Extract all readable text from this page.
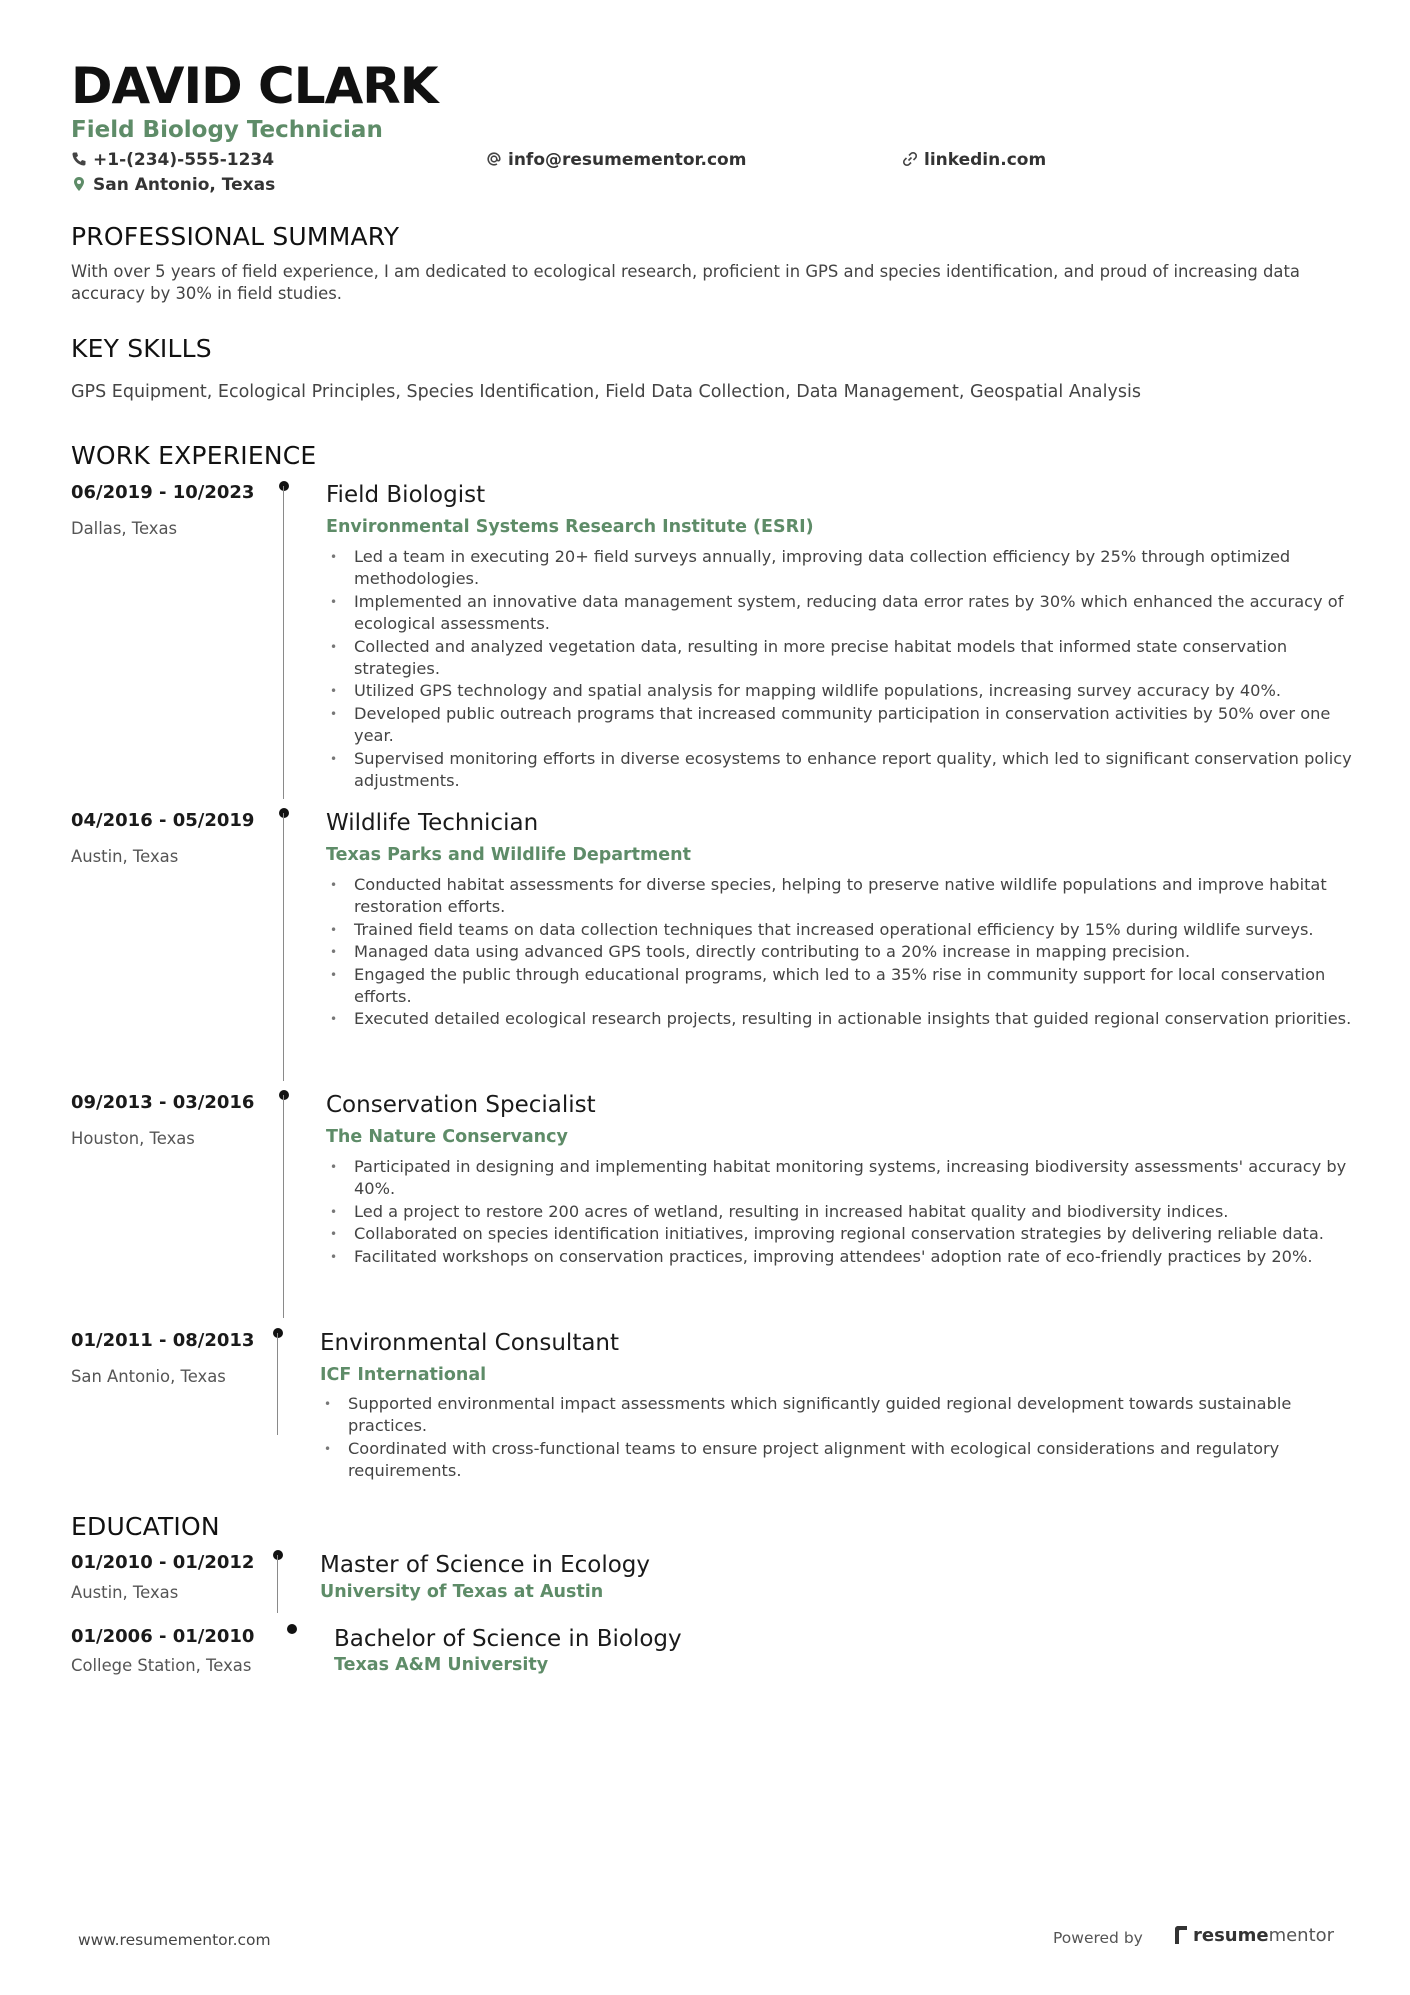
DAVID CLARK
Field Biology Technician
+1-(234)-555-1234	info@resumementor.com	linkedin.com
San Antonio, Texas
PROFESSIONAL SUMMARY

With over 5 years of field experience, I am dedicated to ecological research, proficient in GPS and species identification, and proud of increasing data accuracy by 30% in field studies.

KEY SKILLS

GPS Equipment, Ecological Principles, Species Identification, Field Data Collection, Data Management, Geospatial Analysis

WORK EXPERIENCE
06/2019 - 10/2023
Dallas, Texas
Field Biologist
Environmental Systems Research Institute (ESRI)
• Led a team in executing 20+ field surveys annually, improving data collection efficiency by 25% through optimized methodologies.
• Implemented an innovative data management system, reducing data error rates by 30% which enhanced the accuracy of ecological assessments.
• Collected and analyzed vegetation data, resulting in more precise habitat models that informed state conservation strategies.
• Utilized GPS technology and spatial analysis for mapping wildlife populations, increasing survey accuracy by 40%.
• Developed public outreach programs that increased community participation in conservation activities by 50% over one year.
• Supervised monitoring efforts in diverse ecosystems to enhance report quality, which led to significant conservation policy adjustments.
04/2016 - 05/2019
Austin, Texas
Wildlife Technician
Texas Parks and Wildlife Department
• Conducted habitat assessments for diverse species, helping to preserve native wildlife populations and improve habitat restoration efforts.
• Trained field teams on data collection techniques that increased operational efficiency by 15% during wildlife surveys.
• Managed data using advanced GPS tools, directly contributing to a 20% increase in mapping precision.
• Engaged the public through educational programs, which led to a 35% rise in community support for local conservation efforts.
• Executed detailed ecological research projects, resulting in actionable insights that guided regional conservation priorities.
09/2013 - 03/2016
Houston, Texas
Conservation Specialist
The Nature Conservancy
• Participated in designing and implementing habitat monitoring systems, increasing biodiversity assessments' accuracy by 40%.
• Led a project to restore 200 acres of wetland, resulting in increased habitat quality and biodiversity indices.
• Collaborated on species identification initiatives, improving regional conservation strategies by delivering reliable data.
• Facilitated workshops on conservation practices, improving attendees' adoption rate of eco-friendly practices by 20%.
01/2011 - 08/2013
San Antonio, Texas
Environmental Consultant
ICF International
• Supported environmental impact assessments which significantly guided regional development towards sustainable practices.
• Coordinated with cross-functional teams to ensure project alignment with ecological considerations and regulatory requirements.
EDUCATION
01/2010 - 01/2012
Austin, Texas
Master of Science in Ecology
University of Texas at Austin
01/2006 - 01/2010
College Station, Texas
Bachelor of Science in Biology
Texas A&M University
www.resumementor.com	Powered by	resumementor
